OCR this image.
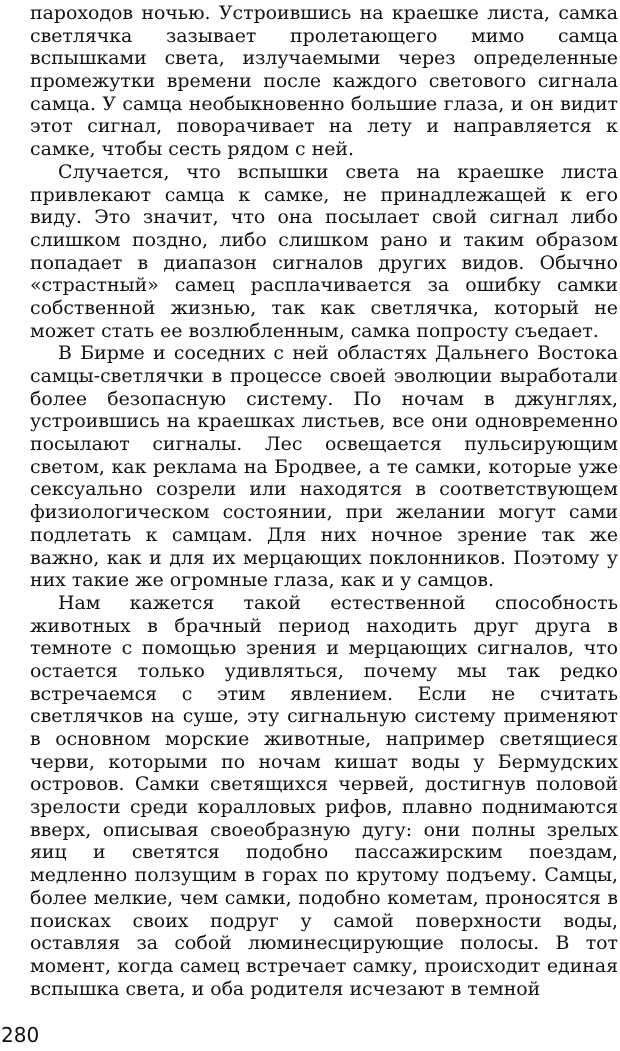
пароходов ночью. Устроившись на краешке листа, самка светлячка зазывает пролетающего мимо самца вспышками света, излучаемыми через определенные промежутки времени после каждого светового сигнала самца. У самца необыкновенно большие глаза, и он видит этот сигнал, поворачивает на лету и направляется к самке, чтобы сесть рядом с ней.

Случается, что вспышки света на краешке листа привлекают самца к самке, не принадлежащей к его виду. Это значит, что она посылает свой сигнал либо слишком поздно, либо слишком рано и таким образом попадает в диапазон сигналов других видов. Обычно «страстный» самец расплачивается за ошибку самки собственной жизнью, так как светлячка, который не может стать ее возлюбленным, самка попросту съедает.

В Бирме и соседних с ней областях Дальнего Востока самцы-светлячки в процессе своей эволюции выработали более безопасную систему. По ночам в джунглях, устроившись на краешках листьев, все они одновременно посылают сигналы. Лес освещается пульсирующим светом, как реклама на Бродвее, а те самки, которые уже сексуально созрели или находятся в соответствующем физиологическом состоянии, при желании могут сами подлетать к самцам. Для них ночное зрение так же важно, как и для их мерцающих поклонников. Поэтому у них такие же огромные глаза, как и у самцов.

Нам кажется такой естественной способность животных в брачный период находить друг друга в темноте с помощью зрения и мерцающих сигналов, что остается только удивляться, почему мы так редко встречаемся с этим явлением. Если не считать светлячков на суше, эту сигнальную систему применяют в основном морские животные, например светящиеся черви, которыми по ночам кишат воды у Бермудских островов. Самки светящихся червей, достигнув половой зрелости среди коралловых рифов, плавно поднимаются вверх, описывая своеобразную дугу: они полны зрелых яиц и светятся подобно пассажирским поездам, медленно ползущим в горах по крутому подъему. Самцы, более мелкие, чем самки, подобно кометам, проносятся в поисках своих подруг у самой поверхности воды, оставляя за собой люминесцирующие полосы. В тот момент, когда самец встречает самку, происходит единая вспышка света, и оба родителя исчезают в темной

280
